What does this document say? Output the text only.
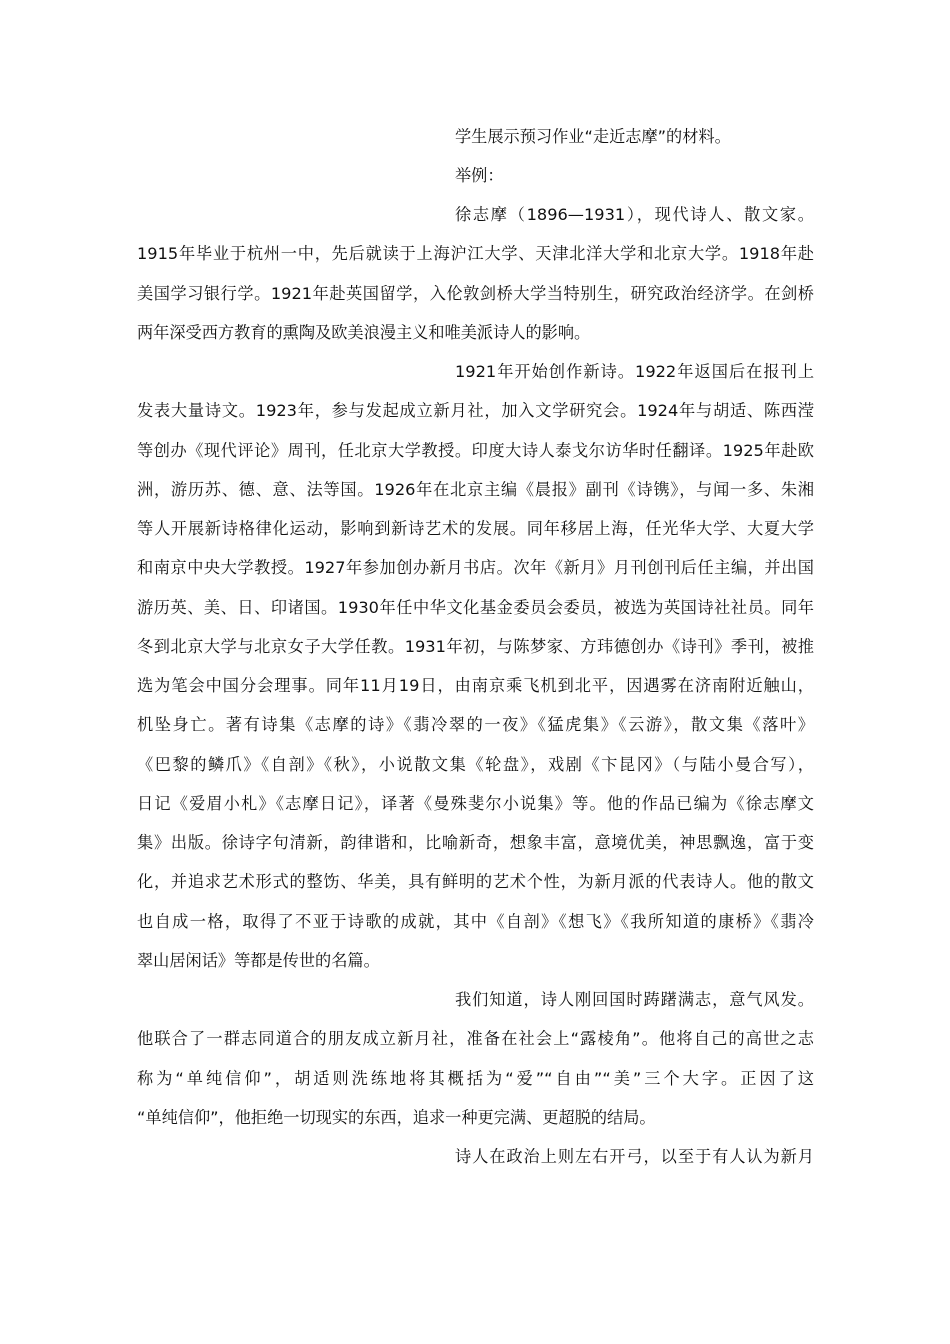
学生展示预习作业“走近志摩”的材料。
举例：
徐志摩（1896—1931），现代诗人、散文家。
1915年毕业于杭州一中，先后就读于上海沪江大学、天津北洋大学和北京大学。1918年赴
美国学习银行学。1921年赴英国留学，入伦敦剑桥大学当特别生，研究政治经济学。在剑桥
两年深受西方教育的熏陶及欧美浪漫主义和唯美派诗人的影响。
1921年开始创作新诗。1922年返国后在报刊上
发表大量诗文。1923年，参与发起成立新月社，加入文学研究会。1924年与胡适、陈西滢
等创办《现代评论》周刊，任北京大学教授。印度大诗人泰戈尔访华时任翻译。1925年赴欧
洲，游历苏、德、意、法等国。1926年在北京主编《晨报》副刊《诗镌》，与闻一多、朱湘
等人开展新诗格律化运动，影响到新诗艺术的发展。同年移居上海，任光华大学、大夏大学
和南京中央大学教授。1927年参加创办新月书店。次年《新月》月刊创刊后任主编，并出国
游历英、美、日、印诸国。1930年任中华文化基金委员会委员，被选为英国诗社社员。同年
冬到北京大学与北京女子大学任教。1931年初，与陈梦家、方玮德创办《诗刊》季刊，被推
选为笔会中国分会理事。同年11月19日，由南京乘飞机到北平，因遇雾在济南附近触山，
机坠身亡。著有诗集《志摩的诗》《翡冷翠的一夜》《猛虎集》《云游》，散文集《落叶》
《巴黎的鳞爪》《自剖》《秋》，小说散文集《轮盘》，戏剧《卞昆冈》（与陆小曼合写），
日记《爱眉小札》《志摩日记》，译著《曼殊斐尔小说集》等。他的作品已编为《徐志摩文
集》出版。徐诗字句清新，韵律谐和，比喻新奇，想象丰富，意境优美，神思飘逸，富于变
化，并追求艺术形式的整饬、华美，具有鲜明的艺术个性，为新月派的代表诗人。他的散文
也自成一格，取得了不亚于诗歌的成就，其中《自剖》《想飞》《我所知道的康桥》《翡冷
翠山居闲话》等都是传世的名篇。
我们知道，诗人刚回国时踌躇满志，意气风发。
他联合了一群志同道合的朋友成立新月社，准备在社会上“露棱角”。他将自己的高世之志
称为“单纯信仰”，胡适则洗练地将其概括为“爱”“自由”“美”三个大字。正因了这
“单纯信仰”，他拒绝一切现实的东西，追求一种更完满、更超脱的结局。
诗人在政治上则左右开弓，以至于有人认为新月
